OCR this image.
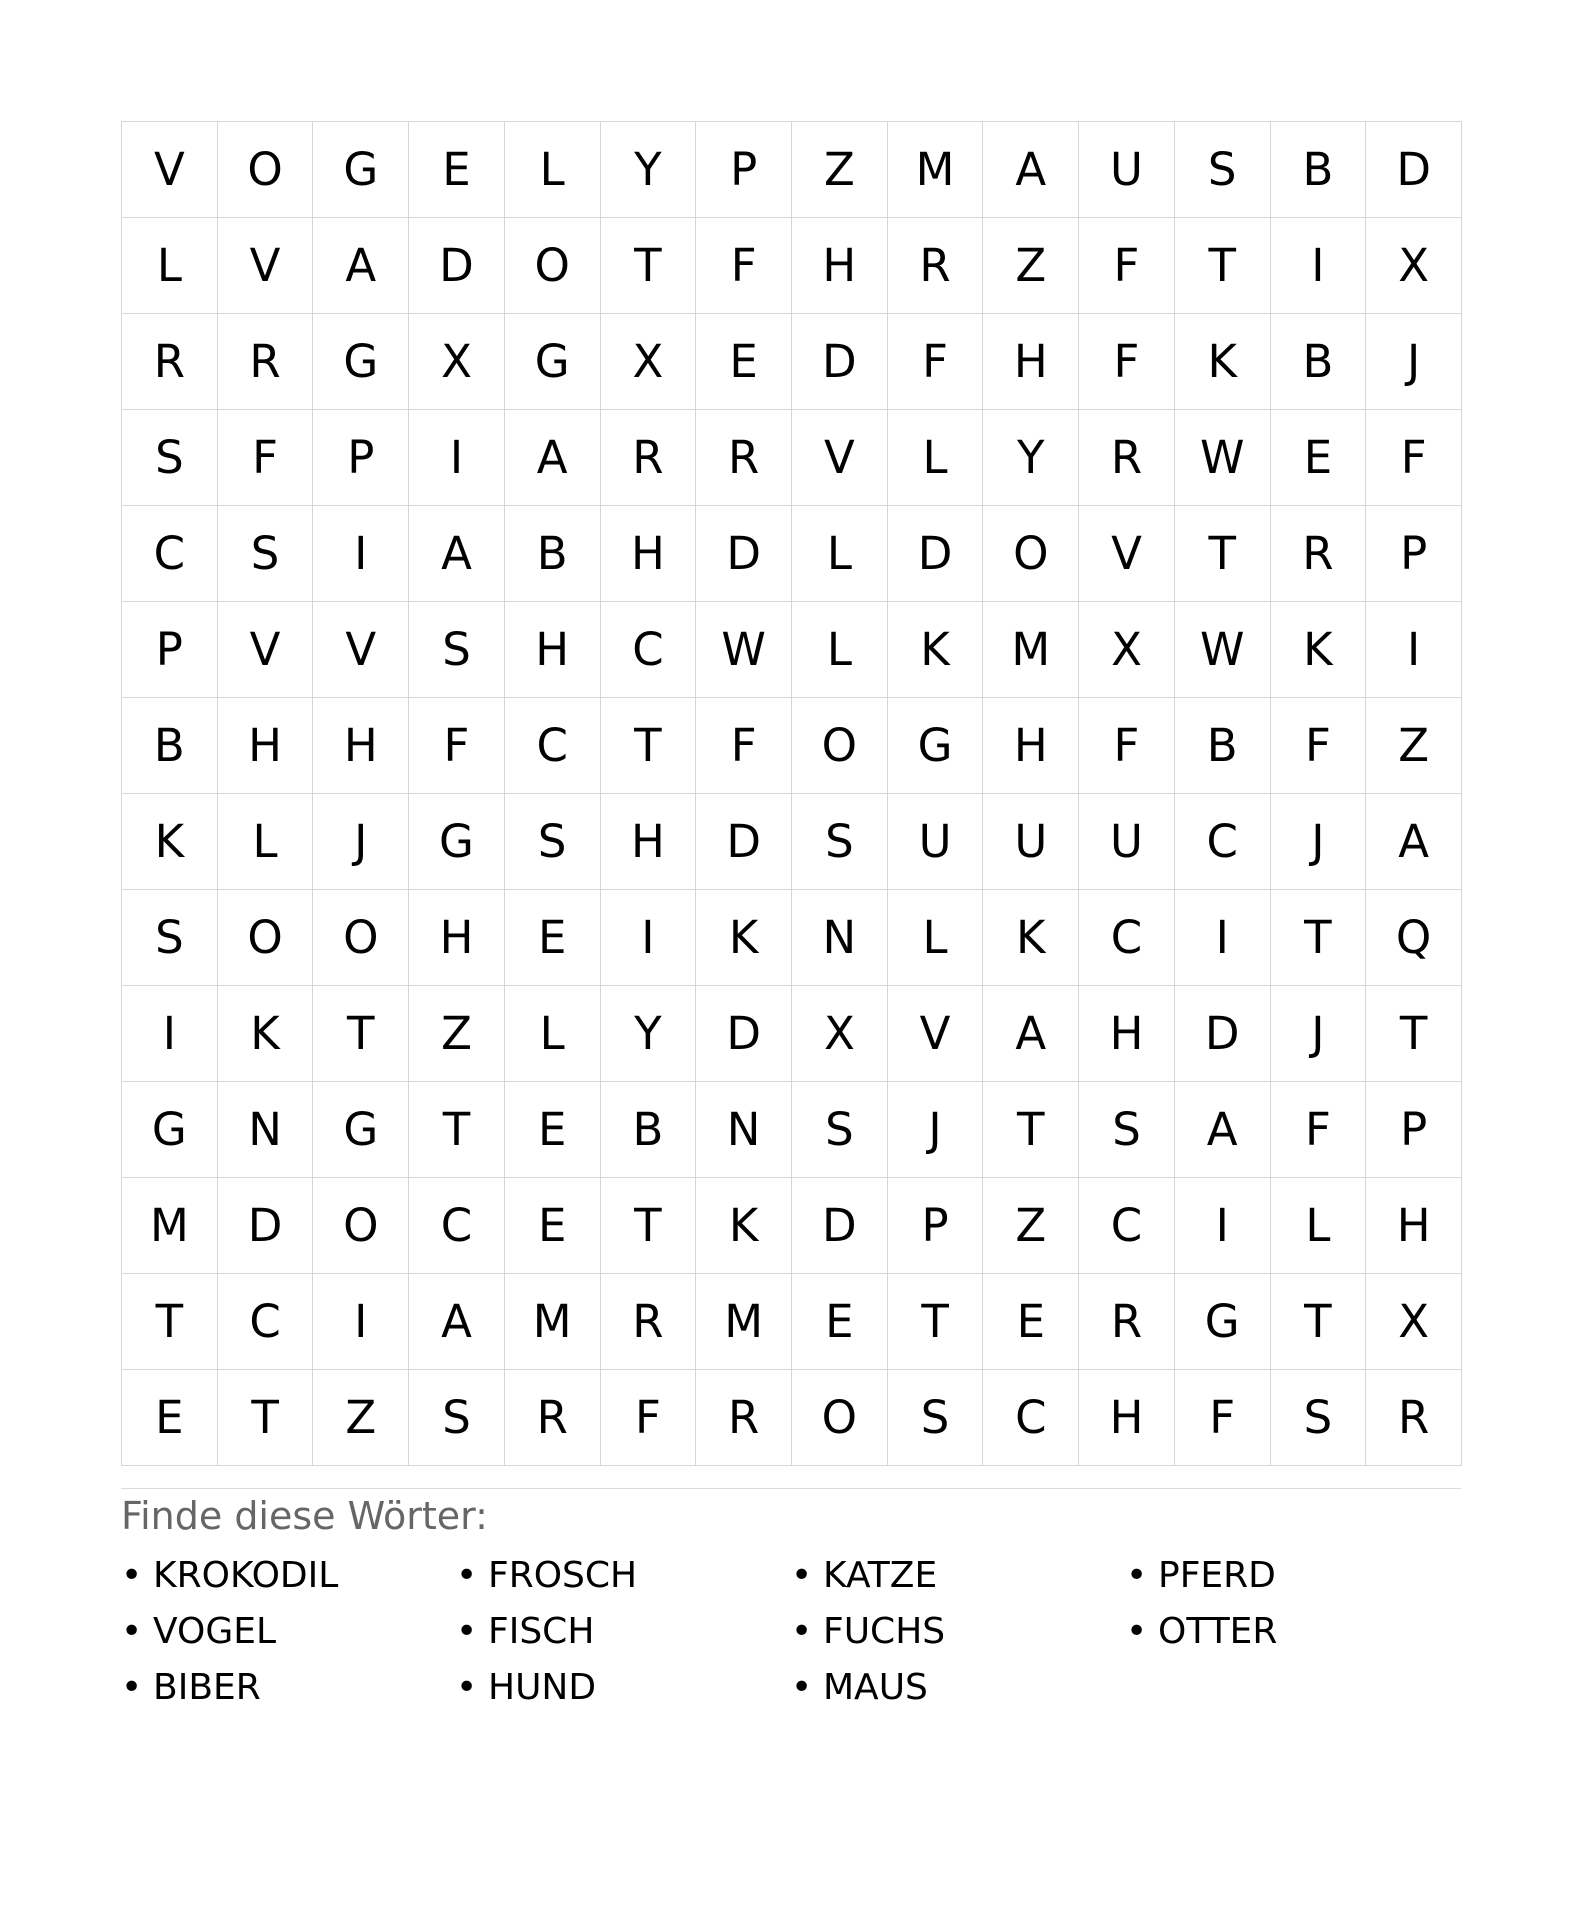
V	O	G	E	L	Y	P	Z	M	A	U	S	B	D
L	V	A	D	O	T	F	H	R	Z	F	T	I	X
R	R	G	X	G	X	E	D	F	H	F	K	B	J
S	F	P	I	A	R	R	V	L	Y	R	W	E	F
C	S	I	A	B	H	D	L	D	O	V	T	R	P
P	V	V	S	H	C	W	L	K	M	X	W	K	I
B	H	H	F	C	T	F	O	G	H	F	B	F	Z
K	L	J	G	S	H	D	S	U	U	U	C	J	A
S	O	O	H	E	I	K	N	L	K	C	I	T	Q
I	K	T	Z	L	Y	D	X	V	A	H	D	J	T
G	N	G	T	E	B	N	S	J	T	S	A	F	P
M	D	O	C	E	T	K	D	P	Z	C	I	L	H
T	C	I	A	M	R	M	E	T	E	R	G	T	X
E	T	Z	S	R	F	R	O	S	C	H	F	S	R
Finde diese Wörter:
• KROKODIL
• VOGEL
• BIBER
• FROSCH
• FISCH
• HUND
• KATZE
• FUCHS
• MAUS
• PFERD
• OTTER
